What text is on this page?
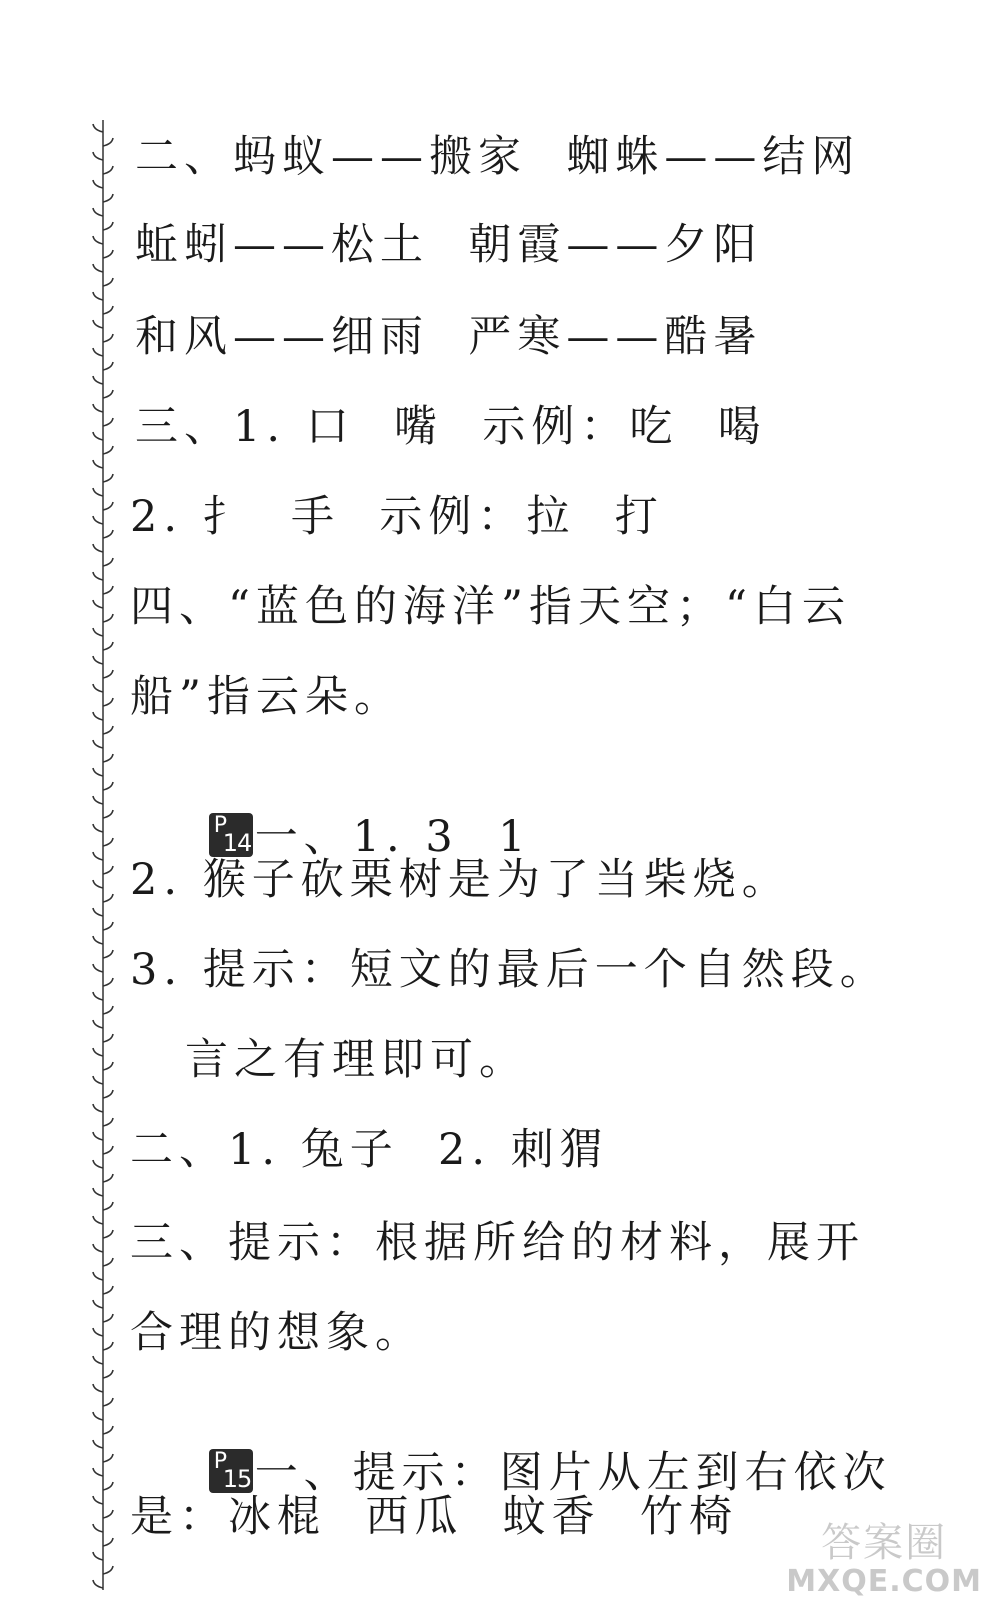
二、蚂蚁——搬家  蜘蛛——结网
蚯蚓——松土  朝霞——夕阳
和风——细雨  严寒——酷暑
三、1. 口  嘴  示例：吃  喝
2. 扌  手  示例：拉  打
四、“蓝色的海洋”指天空；“白云
船”指云朵。

P
14 一、1. 3  1

2. 猴子砍栗树是为了当柴烧。
3. 提示：短文的最后一个自然段。
言之有理即可。
二、1. 兔子  2. 刺猬
三、提示：根据所给的材料，展开
合理的想象。

P
15 一、提示：图片从左到右依次

是：冰棍  西瓜  蚊香  竹椅
答案圈
MXQE.COM
